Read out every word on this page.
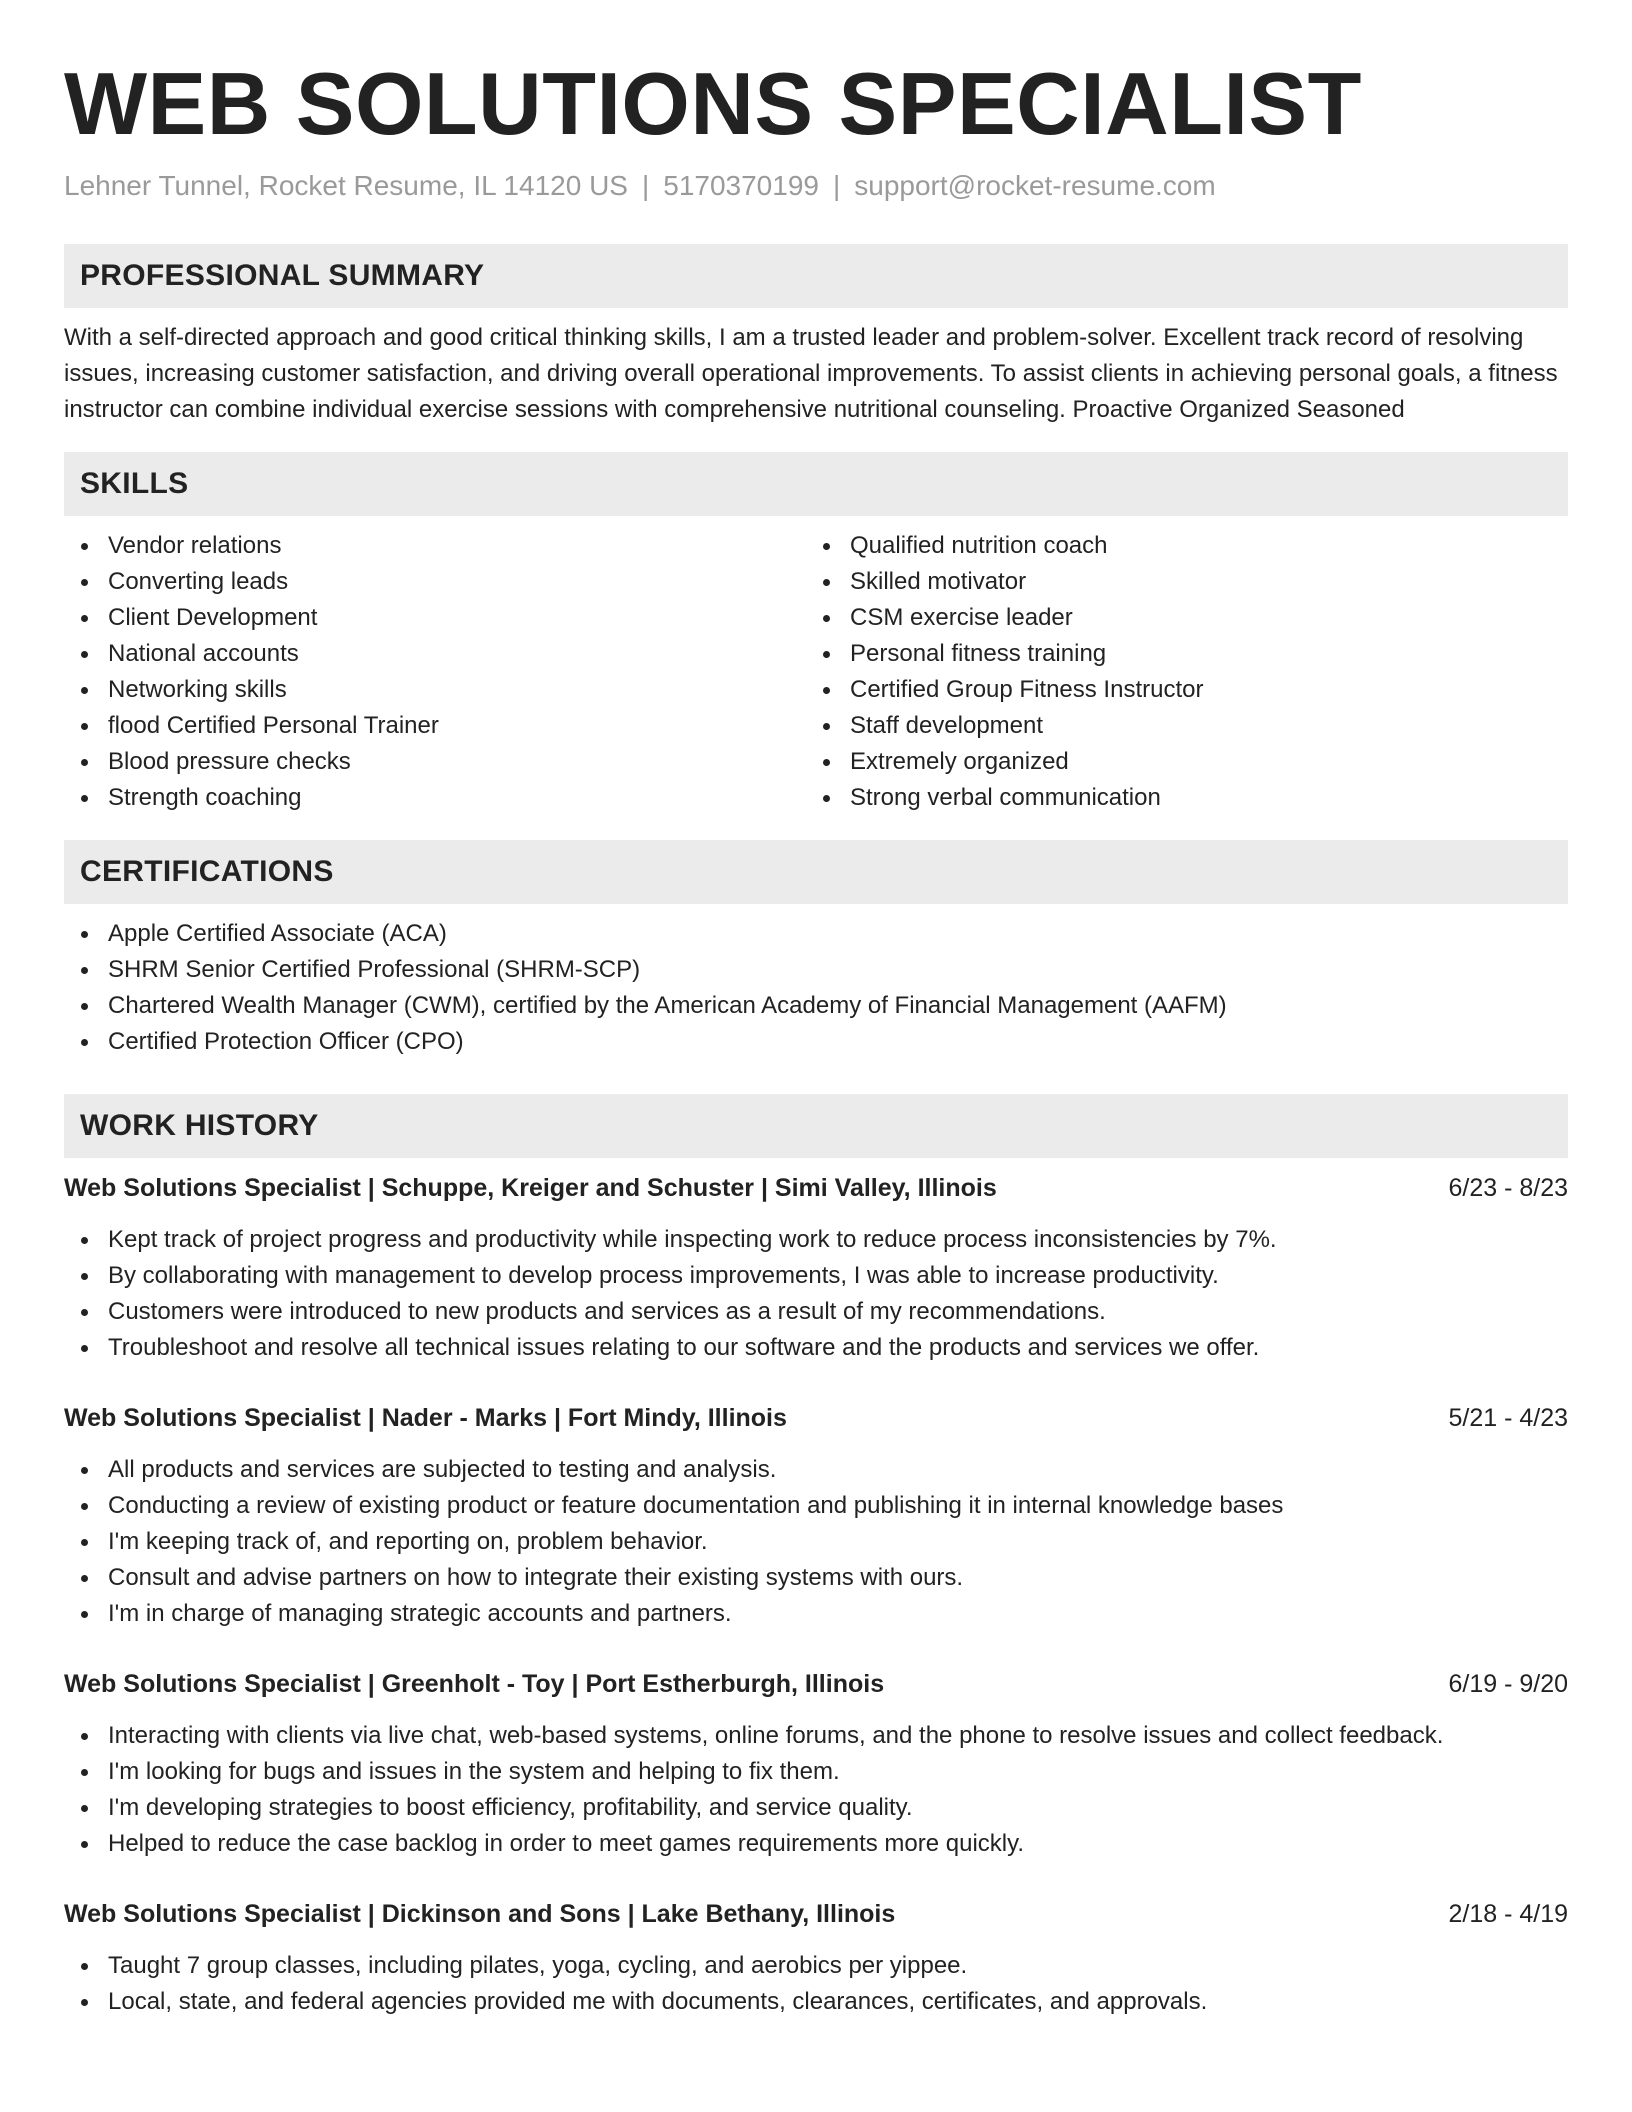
WEB SOLUTIONS SPECIALIST
Lehner Tunnel, Rocket Resume, IL 14120 US | 5170370199 | support@rocket-resume.com
PROFESSIONAL SUMMARY

With a self-directed approach and good critical thinking skills, I am a trusted leader and problem-solver. Excellent track record of resolving issues, increasing customer satisfaction, and driving overall operational improvements. To assist clients in achieving personal goals, a fitness instructor can combine individual exercise sessions with comprehensive nutritional counseling. Proactive Organized Seasoned

SKILLS
Vendor relations
Converting leads
Client Development
National accounts
Networking skills
flood Certified Personal Trainer
Blood pressure checks
Strength coaching
Qualified nutrition coach
Skilled motivator
CSM exercise leader
Personal fitness training
Certified Group Fitness Instructor
Staff development
Extremely organized
Strong verbal communication
CERTIFICATIONS
Apple Certified Associate (ACA)
SHRM Senior Certified Professional (SHRM-SCP)
Chartered Wealth Manager (CWM), certified by the American Academy of Financial Management (AAFM)
Certified Protection Officer (CPO)
WORK HISTORY
Web Solutions Specialist | Schuppe, Kreiger and Schuster | Simi Valley, Illinois	6/23 - 8/23
Kept track of project progress and productivity while inspecting work to reduce process inconsistencies by 7%.
By collaborating with management to develop process improvements, I was able to increase productivity.
Customers were introduced to new products and services as a result of my recommendations.
Troubleshoot and resolve all technical issues relating to our software and the products and services we offer.
Web Solutions Specialist | Nader - Marks | Fort Mindy, Illinois	5/21 - 4/23
All products and services are subjected to testing and analysis.
Conducting a review of existing product or feature documentation and publishing it in internal knowledge bases
I'm keeping track of, and reporting on, problem behavior.
Consult and advise partners on how to integrate their existing systems with ours.
I'm in charge of managing strategic accounts and partners.
Web Solutions Specialist | Greenholt - Toy | Port Estherburgh, Illinois	6/19 - 9/20
Interacting with clients via live chat, web-based systems, online forums, and the phone to resolve issues and collect feedback.
I'm looking for bugs and issues in the system and helping to fix them.
I'm developing strategies to boost efficiency, profitability, and service quality.
Helped to reduce the case backlog in order to meet games requirements more quickly.
Web Solutions Specialist | Dickinson and Sons | Lake Bethany, Illinois	2/18 - 4/19
Taught 7 group classes, including pilates, yoga, cycling, and aerobics per yippee.
Local, state, and federal agencies provided me with documents, clearances, certificates, and approvals.
